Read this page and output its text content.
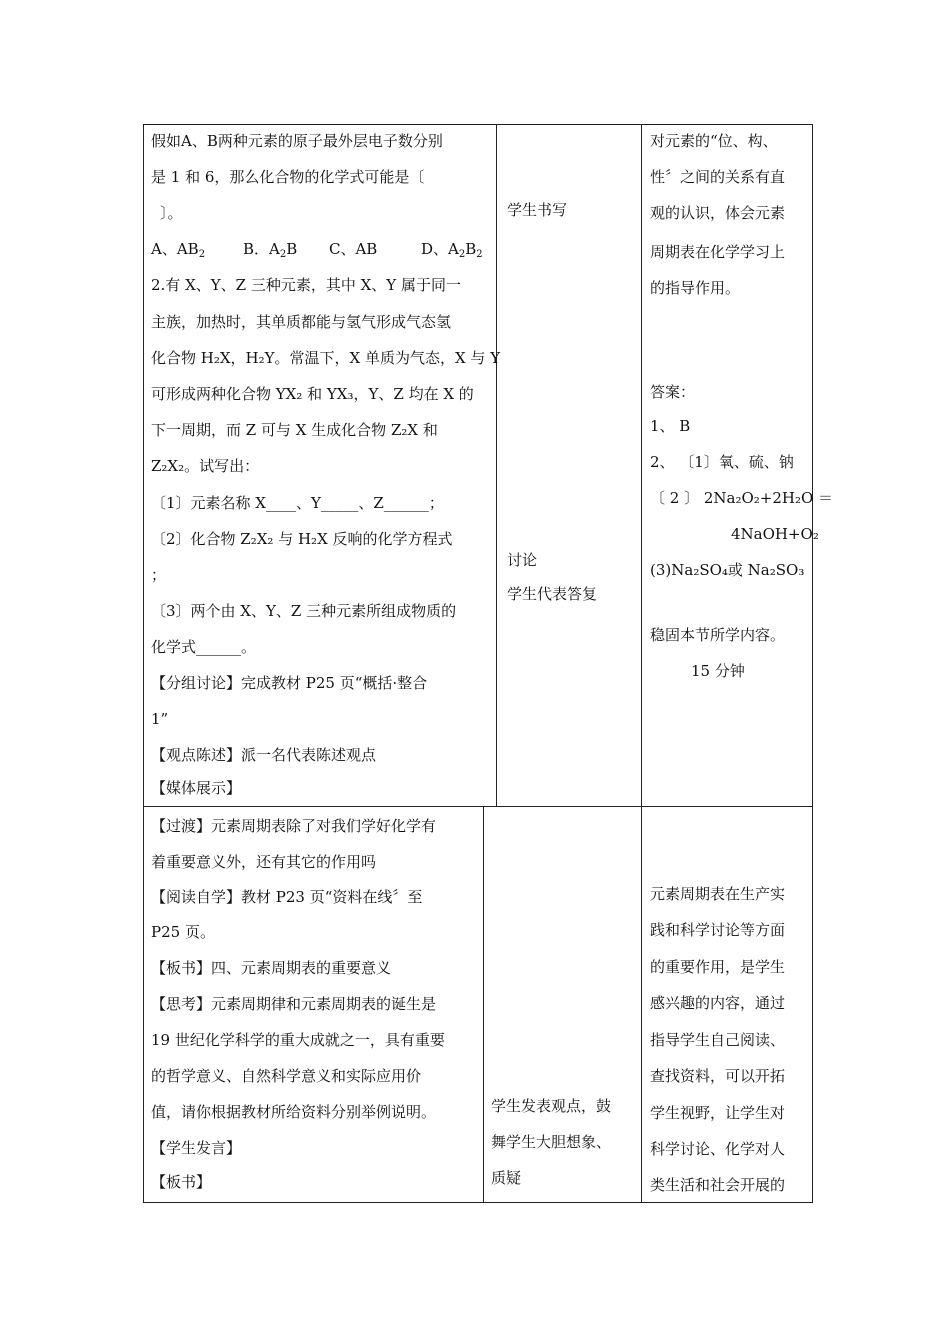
假如A、B两种元素的原子最外层电子数分别
是 1 和 6，那么化合物的化学式可能是〔
〕。
A、$AB_2$	B．$A_2B$ C、AB	D、$A_2B_2$
2.有 X、Y、Z 三种元素，其中 X、Y 属于同一
主族，加热时，其单质都能与氢气形成气态氢
化合物 H₂X，H₂Y。常温下，X 单质为气态，X 与 Y
可形成两种化合物 YX₂ 和 YX₃，Y、Z 均在 X 的
下一周期，而 Z 可与 X 生成化合物 Z₂X 和
Z₂X₂。试写出：
〔1〕元素名称 X____、Y_____、Z______；
〔2〕化合物 Z₂X₂ 与 H₂X 反响的化学方程式
；
〔3〕两个由 X、Y、Z 三种元素所组成物质的
化学式______。
【分组讨论】完成教材 P25 页“概括·整合
1”
【观点陈述】派一名代表陈述观点
【媒体展示】
学生书写
讨论
学生代表答复
对元素的“位、构、
性〞之间的关系有直
观的认识，体会元素
周期表在化学学习上
的指导作用。
答案：
1、 B
2、 〔1〕氧、硫、钠
〔 2 〕 2Na₂O₂+2H₂O ＝
4NaOH+O₂
(3)Na₂SO₄或 Na₂SO₃
稳固本节所学内容。
15 分钟
【过渡】元素周期表除了对我们学好化学有
着重要意义外，还有其它的作用吗
【阅读自学】教材 P23 页“资料在线〞至
P25 页。
【板书】四、元素周期表的重要意义
【思考】元素周期律和元素周期表的诞生是
19 世纪化学科学的重大成就之一，具有重要
的哲学意义、自然科学意义和实际应用价
值，请你根据教材所给资料分别举例说明。
【学生发言】
【板书】
学生发表观点，鼓
舞学生大胆想象、
质疑
元素周期表在生产实
践和科学讨论等方面
的重要作用，是学生
感兴趣的内容，通过
指导学生自己阅读、
查找资料，可以开拓
学生视野，让学生对
科学讨论、化学对人
类生活和社会开展的
